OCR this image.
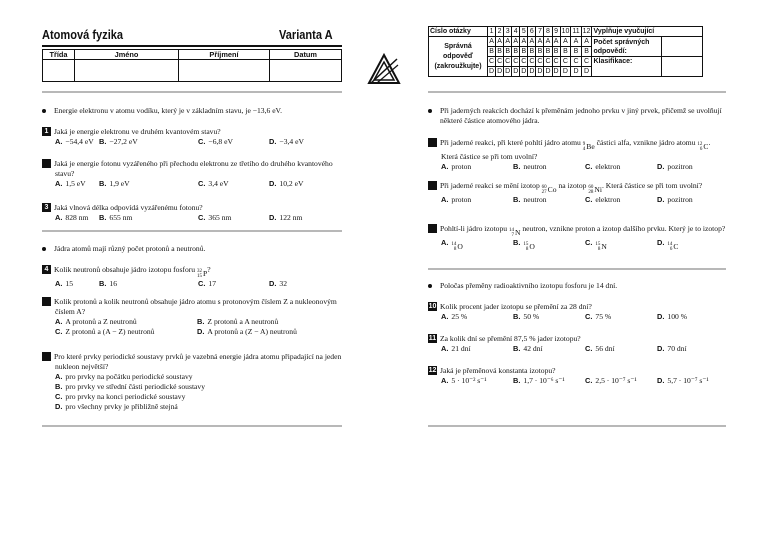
Atomová fyzika	Varianta A
Třída	Jméno	Příjmení	Datum

Číslo otázky	1	2	3	4	5	6	7	8	9	10	11	12	Vyplňuje vyučující

Správná
odpověď
(zakroužkujte)	A	A	A	A	A	A	A	A	A	A	A	A	Počet správných odpovědí:

	B	B	B	B	B	B	B	B	B	B	B	B	
	C	C	C	C	C	C	C	C	C	C	C	C	Klasifikace:

	D	D	D	D	D	D	D	D	D	D	D	D	
Energie elektronu v atomu vodíku, který je v základním stavu, je −13,6 eV.
1 Jaká je energie elektronu ve druhém kvantovém stavu?
A. −54,4 eV B. −27,2 eV	C. −6,8 eV	D. −3,4 eV
2 Jaká je energie fotonu vyzářeného při přechodu elektronu ze třetího do druhého kvantového stavu?
A. 1,5 eV	B. 1,9 eV	C. 3,4 eV	D. 10,2 eV
3 Jaká vlnová délka odpovídá vyzářenému fotonu?
A. 828 nm	B. 655 nm	C. 365 nm	D. 122 nm
Jádra atomů mají různý počet protonů a neutronů.
4 Kolik neutronů obsahuje jádro izotopu fosforu 32
15 P ?
A. 15	B. 16	C. 17	D. 32
5 Kolik protonů a kolik neutronů obsahuje jádro atomu s protonovým číslem Z a nukleonovým číslem A?
A. A protonů a Z neutronů	B. Z protonů a A neutronů
C. Z protonů a (A − Z) neutronů	D. A protonů a (Z − A) neutronů
6 Pro které prvky periodické soustavy prvků je vazebná energie jádra atomu připadající na jeden nukleon největší?
A. pro prvky na počátku periodické soustavy
B. pro prvky ve střední části periodické soustavy
C. pro prvky na konci periodické soustavy
D. pro všechny prvky je přibližně stejná
Při jaderných reakcích dochází k přeměnám jednoho prvku v jiný prvek, přičemž se uvolňují některé částice atomového jádra.
7 Při jaderné reakci, při které pohltí jádro atomu 9
4 Be částici alfa, vznikne jádro atomu 12
6 C . Která částice se při tom uvolní?
A. proton	B. neutron	C. elektron	D. pozitron
8 Při jaderné reakci se mění izotop 60
27 Co na izotop 60
28 Ni . Která částice se při tom uvolní?
A. proton	B. neutron	C. elektron	D. pozitron
9 Pohltí-li jádro izotopu 14
7 N neutron, vznikne proton a izotop dalšího prvku. Který je to izotop?
A. 14
8 O	B. 15
8 O	C. 15
8 N	D. 14
6 C
Poločas přeměny radioaktivního izotopu fosforu je 14 dní.
10 Kolik procent jader izotopu se přemění za 28 dní?
A. 25 %	B. 50 %	C. 75 %	D. 100 %
11 Za kolik dní se přemění 87,5 % jader izotopu?
A. 21 dní	B. 42 dní	C. 56 dní	D. 70 dní
12 Jaká je přeměnová konstanta izotopu?
A. 5 · 10⁻² s⁻¹	B. 1,7 · 10⁻⁶ s⁻¹	C. 2,5 · 10⁻⁷ s⁻¹	D. 5,7 · 10⁻⁷ s⁻¹
